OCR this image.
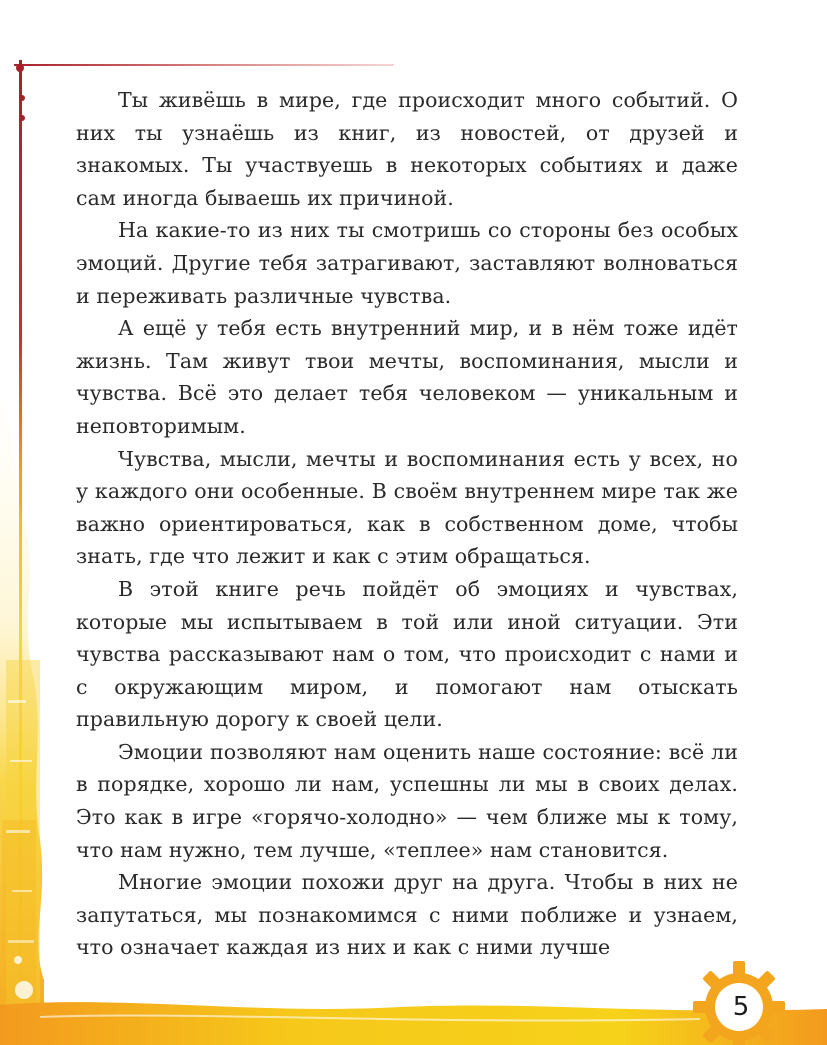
5

Ты живёшь в мире, где происходит много событий. О них ты узнаёшь из книг, из новостей, от друзей и знакомых. Ты участвуешь в некоторых событиях и даже сам иногда бываешь их причиной.

На какие-то из них ты смотришь со стороны без особых эмоций. Другие тебя затрагивают, заставляют волноваться и переживать различные чувства.

А ещё у тебя есть внутренний мир, и в нём тоже идёт жизнь. Там живут твои мечты, воспоминания, мысли и чувства. Всё это делает тебя человеком — уникальным и неповторимым.

Чувства, мысли, мечты и воспоминания есть у всех, но у каждого они особенные. В своём внутреннем мире так же важно ориентироваться, как в собственном доме, чтобы знать, где что лежит и как с этим обращаться.

В этой книге речь пойдёт об эмоциях и чувствах, которые мы испытываем в той или иной ситуации. Эти чувства рассказывают нам о том, что происходит с нами и с окружающим миром, и помогают нам отыскать правильную дорогу к своей цели.

Эмоции позволяют нам оценить наше состояние: всё ли в порядке, хорошо ли нам, успешны ли мы в своих делах. Это как в игре «горячо-холодно» — чем ближе мы к тому, что нам нужно, тем лучше, «теплее» нам становится.

Многие эмоции похожи друг на друга. Чтобы в них не запутаться, мы познакомимся с ними поближе и узнаем, что означает каждая из них и как с ними лучше
